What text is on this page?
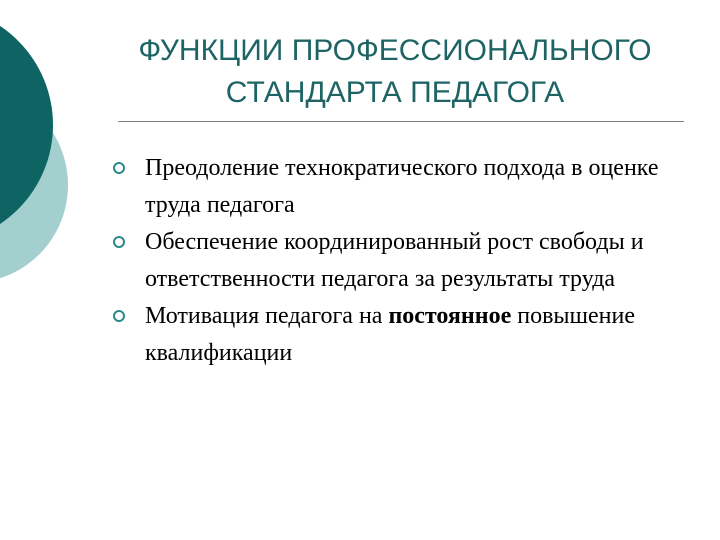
ФУНКЦИИ ПРОФЕССИОНАЛЬНОГО
СТАНДАРТА ПЕДАГОГА
Преодоление технократического подхода в оценке труда педагога
Обеспечение координированный рост свободы и ответственности педагога за результаты труда
Мотивация педагога на постоянное повышение квалификации
